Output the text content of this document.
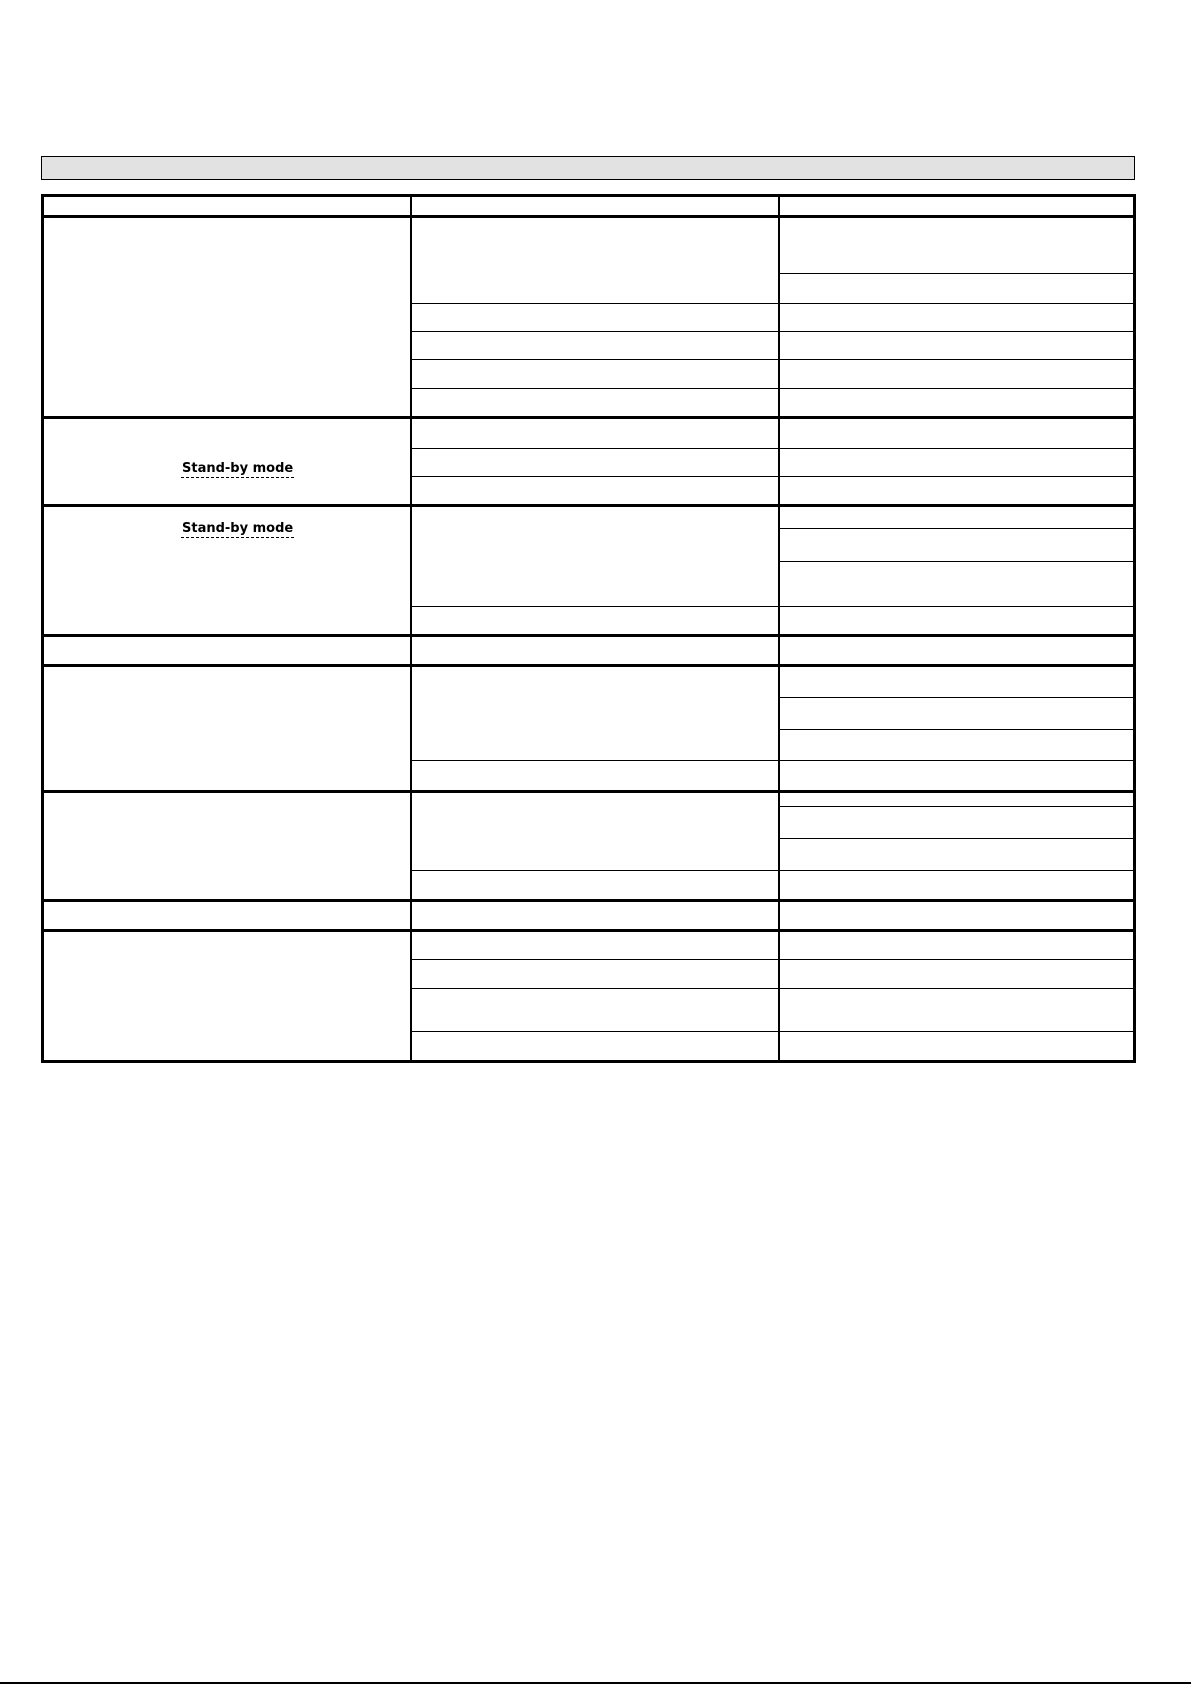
Stand-by mode
Stand-by mode
